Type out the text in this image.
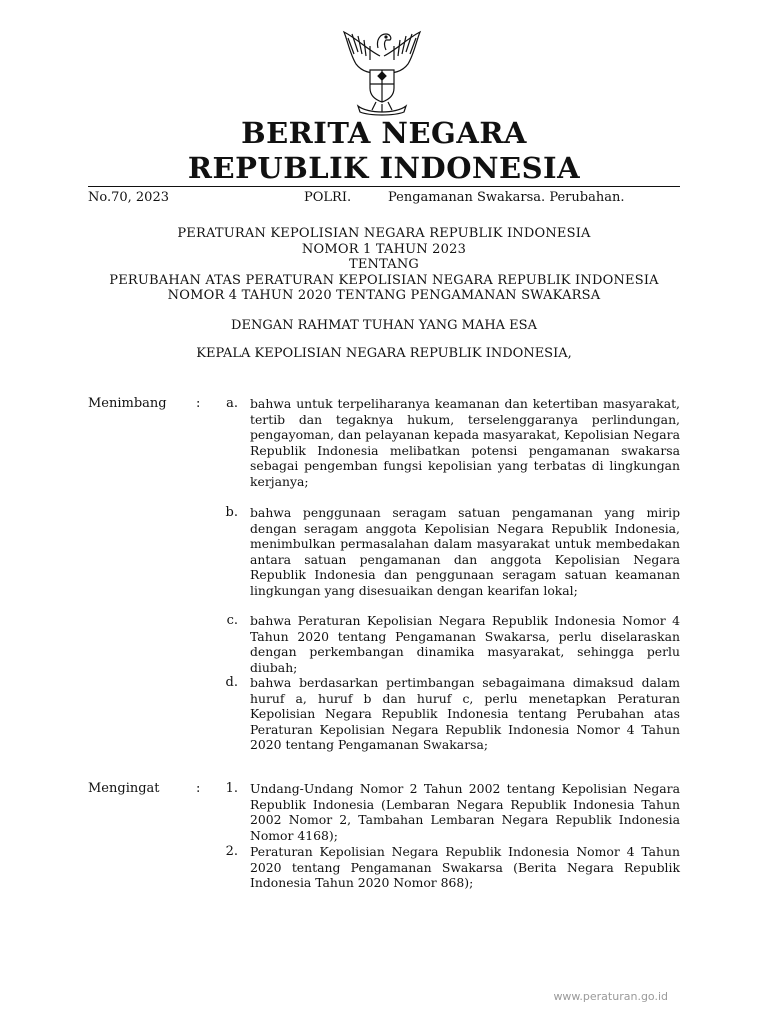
BERITA NEGARA
REPUBLIK INDONESIA
No.70, 2023	POLRI.	Pengamanan Swakarsa. Perubahan.
PERATURAN KEPOLISIAN NEGARA REPUBLIK INDONESIA
NOMOR 1 TAHUN 2023
TENTANG
PERUBAHAN ATAS PERATURAN KEPOLISIAN NEGARA REPUBLIK INDONESIA
NOMOR 4 TAHUN 2020 TENTANG PENGAMANAN SWAKARSA
DENGAN RAHMAT TUHAN YANG MAHA ESA
KEPALA KEPOLISIAN NEGARA REPUBLIK INDONESIA,
Menimbang :	a. bahwa untuk terpeliharanya keamanan dan ketertiban masyarakat, tertib dan tegaknya hukum, terselenggaranya perlindungan, pengayoman, dan pelayanan kepada masyarakat, Kepolisian Negara Republik Indonesia melibatkan potensi pengamanan swakarsa sebagai pengemban fungsi kepolisian yang terbatas di lingkungan kerjanya;
b. bahwa penggunaan seragam satuan pengamanan yang mirip dengan seragam anggota Kepolisian Negara Republik Indonesia, menimbulkan permasalahan dalam masyarakat untuk membedakan antara satuan pengamanan dan anggota Kepolisian Negara Republik Indonesia dan penggunaan seragam satuan keamanan lingkungan yang disesuaikan dengan kearifan lokal;
c. bahwa Peraturan Kepolisian Negara Republik Indonesia Nomor 4 Tahun 2020 tentang Pengamanan Swakarsa, perlu diselaraskan dengan perkembangan dinamika masyarakat, sehingga perlu diubah;
d. bahwa berdasarkan pertimbangan sebagaimana dimaksud dalam huruf a, huruf b dan huruf c, perlu menetapkan Peraturan Kepolisian Negara Republik Indonesia tentang Perubahan atas Peraturan Kepolisian Negara Republik Indonesia Nomor 4 Tahun 2020 tentang Pengamanan Swakarsa;
Mengingat	:	1. Undang-Undang Nomor 2 Tahun 2002 tentang Kepolisian Negara Republik Indonesia (Lembaran Negara Republik Indonesia Tahun 2002 Nomor 2, Tambahan Lembaran Negara Republik Indonesia Nomor 4168);
2. Peraturan Kepolisian Negara Republik Indonesia Nomor 4 Tahun 2020 tentang Pengamanan Swakarsa (Berita Negara Republik Indonesia Tahun 2020 Nomor 868);
www.peraturan.go.id
